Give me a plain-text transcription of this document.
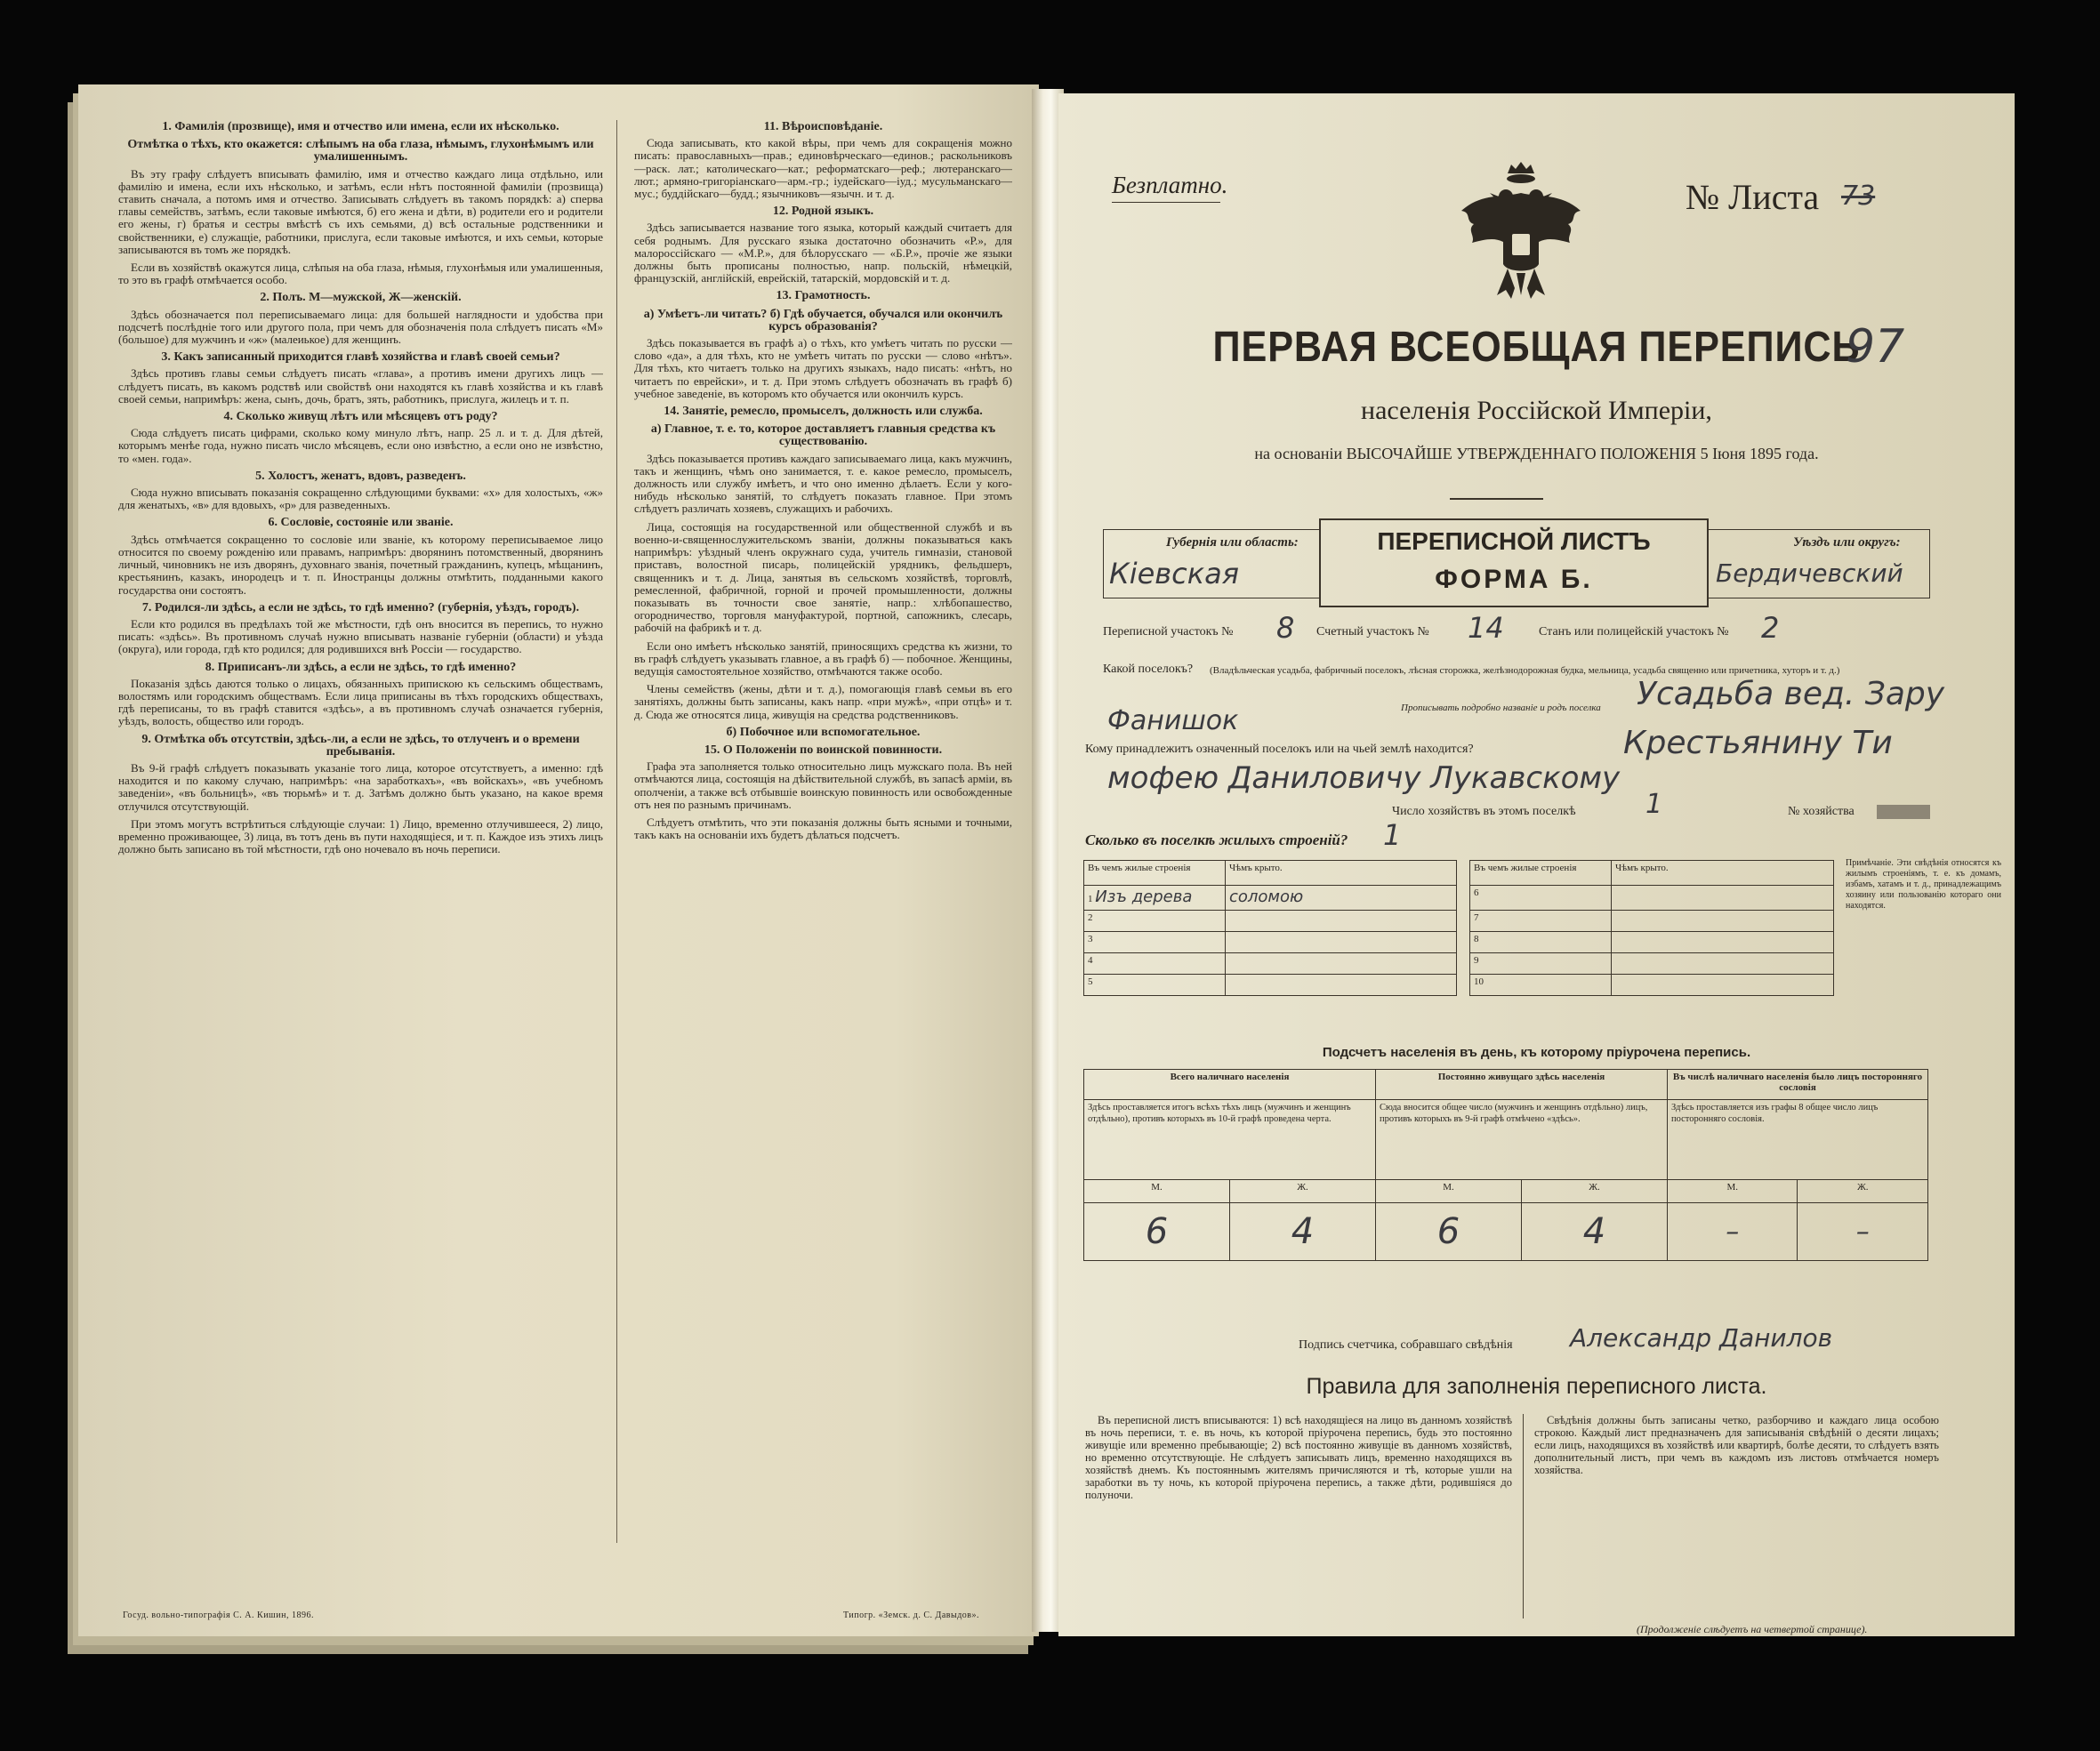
1. Фамилія (прозвище), имя и отчество или имена, если их нѣсколько.
Отмѣтка о тѣхъ, кто окажется: слѣпымъ на оба глаза, нѣмымъ, глухонѣмымъ или умалишеннымъ.

Въ эту графу слѣдуетъ вписывать фамилію, имя и отчество каждаго лица отдѣльно, или фамилію и имена, если ихъ нѣсколько, и затѣмъ, если нѣтъ постоянной фамиліи (прозвища) ставить сначала, а потомъ имя и отчество. Записывать слѣдуетъ въ такомъ порядкѣ: а) сперва главы семействъ, затѣмъ, если таковые имѣются, б) его жена и дѣти, в) родители его и родители его жены, г) братья и сестры вмѣстѣ съ ихъ семьями, д) всѣ остальные родственники и свойственники, е) служащіе, работники, прислуга, если таковые имѣются, и ихъ семьи, которые записываются въ томъ же порядкѣ.

Если въ хозяйствѣ окажутся лица, слѣпыя на оба глаза, нѣмыя, глухонѣмыя или умалишенныя, то это въ графѣ отмѣчается особо.

2. Полъ. М—мужской, Ж—женскій.

Здѣсь обозначается пол переписываемаго лица: для большей наглядности и удобства при подсчетѣ послѣдніе того или другого пола, при чемъ для обозначенія пола слѣдуетъ писать «М» (большое) для мужчинъ и «ж» (малеиькое) для женщинъ.

3. Какъ записанный приходится главѣ хозяйства и главѣ своей семьи?

Здѣсь противъ главы семьи слѣдуетъ писать «глава», а противъ имени другихъ лицъ — слѣдуетъ писать, въ какомъ родствѣ или свойствѣ они находятся къ главѣ хозяйства и къ главѣ своей семьи, напримѣръ: жена, сынъ, дочь, братъ, зять, работникъ, прислуга, жилецъ и т. п.

4. Сколько живущ лѣтъ или мѣсяцевъ отъ роду?

Сюда слѣдуетъ писать цифрами, сколько кому минуло лѣтъ, напр. 25 л. и т. д. Для дѣтей, которымъ менѣе года, нужно писать число мѣсяцевъ, если оно извѣстно, а если оно не извѣстно, то «мен. года».

5. Холостъ, женатъ, вдовъ, разведенъ.

Сюда нужно вписывать показанія сокращенно слѣдующими буквами: «х» для холостыхъ, «ж» для женатыхъ, «в» для вдовыхъ, «р» для разведенныхъ.

6. Сословіе, состояніе или званіе.

Здѣсь отмѣчается сокращенно то сословіе или званіе, къ которому переписываемое лицо относится по своему рожденію или правамъ, напримѣръ: дворянинъ потомственный, дворянинъ личный, чиновникъ не изъ дворянъ, духовнаго званія, почетный гражданинъ, купецъ, мѣщанинъ, крестьянинъ, казакъ, инородецъ и т. п. Иностранцы должны отмѣтить, подданными какого государства они состоятъ.

7. Родился-ли здѣсь, а если не здѣсь, то гдѣ именно? (губернія, уѣздъ, городъ).

Если кто родился въ предѣлахъ той же мѣстности, гдѣ онъ вносится въ перепись, то нужно писать: «здѣсь». Въ противномъ случаѣ нужно вписывать названіе губерніи (области) и уѣзда (округа), или города, гдѣ кто родился; для родившихся внѣ Россіи — государство.

8. Приписанъ-ли здѣсь, а если не здѣсь, то гдѣ именно?

Показанія здѣсь даются только о лицахъ, обязанныхъ припискою къ сельскимъ обществамъ, волостямъ или городскимъ обществамъ. Если лица приписаны въ тѣхъ городскихъ обществахъ, гдѣ переписаны, то въ графѣ ставится «здѣсь», а въ противномъ случаѣ означается губернія, уѣздъ, волость, общество или городъ.

9. Отмѣтка объ отсутствіи, здѣсь-ли, а если не здѣсь, то отлученъ и о времени пребыванія.

Въ 9-й графѣ слѣдуетъ показывать указаніе того лица, которое отсутствуетъ, а именно: гдѣ находится и по какому случаю, напримѣръ: «на заработкахъ», «въ войскахъ», «въ учебномъ заведеніи», «въ больницѣ», «въ тюрьмѣ» и т. д. Затѣмъ должно быть указано, на какое время отлучился отсутствующій.

При этомъ могутъ встрѣтиться слѣдующіе случаи: 1) Лицо, временно отлучившееся, 2) лицо, временно проживающее, 3) лица, въ тотъ день въ пути находящіеся, и т. п. Каждое изъ этихъ лицъ должно быть записано въ той мѣстности, гдѣ оно ночевало въ ночь переписи.

11. Вѣроисповѣданіе.

Сюда записывать, кто какой вѣры, при чемъ для сокращенія можно писать: православныхъ—прав.; единовѣрческаго—единов.; раскольниковъ—раск. лат.; католическаго—кат.; реформатскаго—реф.; лютеранскаго—лют.; армяно-григоріанскаго—арм.-гр.; іудейскаго—іуд.; мусульманскаго—мус.; буддійскаго—будд.; язычниковъ—язычн. и т. д.

12. Родной языкъ.

Здѣсь записывается название того языка, который каждый считаетъ для себя роднымъ. Для русскаго языка достаточно обозначить «Р.», для малороссійскаго — «М.Р.», для бѣлорусскаго — «Б.Р.», прочіе же языки должны быть прописаны полностью, напр. польскій, нѣмецкій, французскій, англійскій, еврейскій, татарскій, мордовскій и т. д.

13. Грамотность.
а) Умѣетъ-ли читать? б) Гдѣ обучается, обучался или окончилъ курсъ образованія?

Здѣсь показывается въ графѣ а) о тѣхъ, кто умѣетъ читать по русски — слово «да», а для тѣхъ, кто не умѣетъ читать по русски — слово «нѣтъ». Для тѣхъ, кто читаетъ только на другихъ языкахъ, надо писать: «нѣтъ, но читаетъ по еврейски», и т. д. При этомъ слѣдуетъ обозначать въ графѣ б) учебное заведеніе, въ которомъ кто обучается или окончилъ курсъ.

14. Занятіе, ремесло, промыселъ, должность или служба.
а) Главное, т. е. то, которое доставляетъ главныя средства къ существованію.

Здѣсь показывается противъ каждаго записываемаго лица, какъ мужчинъ, такъ и женщинъ, чѣмъ оно занимается, т. е. какое ремесло, промыселъ, должность или службу имѣетъ, и что оно именно дѣлаетъ. Если у кого-нибудь нѣсколько занятій, то слѣдуетъ показать главное. При этомъ слѣдуетъ различать хозяевъ, служащихъ и рабочихъ.

Лица, состоящія на государственной или общественной службѣ и въ военно-и-священнослужительскомъ званіи, должны показываться какъ напримѣръ: уѣздный членъ окружнаго суда, учитель гимназіи, становой приставъ, волостной писарь, полицейскій урядникъ, фельдшеръ, священникъ и т. д. Лица, занятыя въ сельскомъ хозяйствѣ, торговлѣ, ремесленной, фабричной, горной и прочей промышленности, должны показывать въ точности свое занятіе, напр.: хлѣбопашество, огородничество, торговля мануфактурой, портной, сапожникъ, слесарь, рабочій на фабрикѣ и т. д.

Если оно имѣетъ нѣсколько занятій, приносящихъ средства къ жизни, то въ графѣ слѣдуетъ указывать главное, а въ графѣ б) — побочное. Женщины, ведущія самостоятельное хозяйство, отмѣчаются также особо.

Члены семействъ (жены, дѣти и т. д.), помогающія главѣ семьи въ его занятіяхъ, должны быть записаны, какъ напр. «при мужѣ», «при отцѣ» и т. д. Сюда же относятся лица, живущія на средства родственниковъ.

б) Побочное или вспомогательное.
15. О Положеніи по воинской повинности.

Графа эта заполняется только относительно лицъ мужскаго пола. Въ ней отмѣчаются лица, состоящія на дѣйствительной службѣ, въ запасѣ армiи, въ ополченіи, а также всѣ отбывшіе воинскую повинность или освобожденные отъ нея по разнымъ причинамъ.

Слѣдуетъ отмѣтить, что эти показанія должны быть ясными и точными, такъ какъ на основаніи ихъ будетъ дѣлаться подсчетъ.

Госуд. вольно-типографія С. А. Кишин, 1896.	Типогр. «Земск. д. С. Давыдов».
Безплатно.	№ Листа 73
ПЕРВАЯ ВСЕОБЩАЯ ПЕРЕПИСЬ
97
населенія Россійской Имперіи,
на основаніи ВЫСОЧАЙШЕ УТВЕРЖДЕННАГО ПОЛОЖЕНІЯ 5 Іюня 1895 года.
Губернія или область:
Кiевская
ПЕРЕПИСНОЙ ЛИСТЪ
ФОРМА Б.
Уѣздъ или округъ:
Бердичевский
Переписной участокъ № 8 Счетный участокъ № 14	Станъ или полицейскій участокъ № 2
Какой поселокъ? (Владѣльческая усадьба, фабричный поселокъ, лѣсная сторожка, желѣзнодорожная будка, мельница, усадьба священно или причетника, хуторъ и т. д.)
Прописывать подробно названіе и родъ поселка Усадьба вед. Зару
Фанишок
Кому принадлежитъ означенный поселокъ или на чьей землѣ находится?	Крестьянину Ти
мофею Даниловичу Лукавскому
Число хозяйствъ въ этомъ поселкѣ	1	№ хозяйства
Сколько въ поселкѣ жилыхъ строеній? 1
Въ чемъ жилые строенія	Чѣмъ крыто.
1 Изъ дерева	соломою
2	
3	
4	
5	
Въ чемъ жилые строенія	Чѣмъ крыто.
6	
7	
8	
9	
10	
Примѣчаніе. Эти свѣдѣнія относятся къ жилымъ строеніямъ, т. е. къ домамъ, избамъ, хатамъ и т. д., принадлежащимъ хозяину или пользованію котораго они находятся.
Подсчетъ населенія въ день, къ которому пріурочена перепись.
Всего наличнаго населенія		Постоянно живущаго здѣсь населенія		Въ числѣ наличнаго населенія было лицъ посторонняго сословія	
Здѣсь проставляется итогъ всѣхъ тѣхъ лицъ (мужчинъ и женщинъ отдѣльно), противъ которыхъ въ 10-й графѣ проведена черта.		Сюда вносится общее число (мужчинъ и женщинъ отдѣльно) лицъ, противъ которыхъ въ 9-й графѣ отмѣчено «здѣсь».		Здѣсь проставляется изъ графы 8 общее число лицъ посторонняго сословія.	
М.	Ж.	М.	Ж.	М.	Ж.
6	4	6	4	–	–
Подпись счетчика, собравшаго свѣдѣнія Александр Данилов
Правила для заполненія переписного листа.

Въ переписной листъ вписываются: 1) всѣ находящіеся на лицо въ данномъ хозяйствѣ въ ночь переписи, т. е. въ ночь, къ которой пріурочена перепись, будь это постоянно живущіе или временно пребывающіе; 2) всѣ постоянно живущіе въ данномъ хозяйствѣ, но временно отсутствующіе. Не слѣдуетъ записывать лицъ, временно находящихся въ хозяйствѣ днемъ. Къ постояннымъ жителямъ причисляются и тѣ, которые ушли на заработки въ ту ночь, къ которой пріурочена перепись, а также дѣти, родившіяся до полуночи.

Свѣдѣнія должны быть записаны четко, разборчиво и каждаго лица особою строкою. Каждый лист предназначенъ для записыванія свѣдѣній о десяти лицахъ; если лицъ, находящихся въ хозяйствѣ или квартирѣ, болѣе десяти, то слѣдуетъ взять дополнительный листъ, при чемъ въ каждомъ изъ листовъ отмѣчается номеръ хозяйства.

(Продолженіе слѣдуетъ на четвертой странице).
